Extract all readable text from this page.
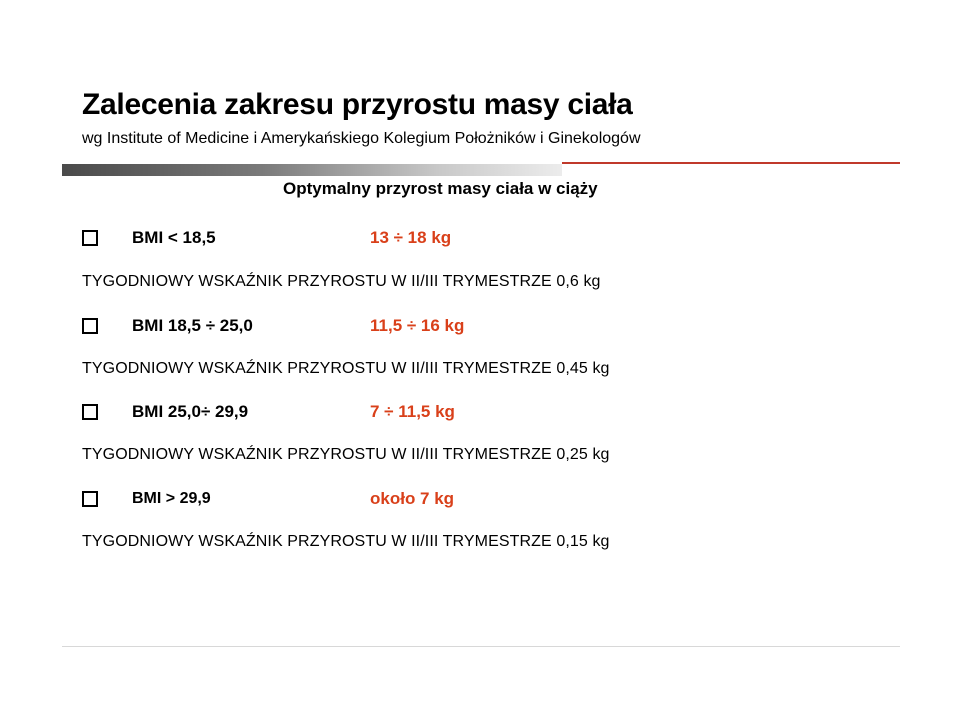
Zalecenia zakresu przyrostu masy ciała
wg Institute of Medicine i Amerykańskiego Kolegium Położników i Ginekologów
Optymalny przyrost masy ciała w ciąży
BMI < 18,5	13 ÷ 18 kg
TYGODNIOWY WSKAŹNIK PRZYROSTU W II/III TRYMESTRZE 0,6 kg
BMI 18,5 ÷ 25,0	11,5 ÷ 16 kg
TYGODNIOWY WSKAŹNIK PRZYROSTU W II/III TRYMESTRZE 0,45 kg
BMI 25,0÷ 29,9	7 ÷ 11,5 kg
TYGODNIOWY WSKAŹNIK PRZYROSTU W II/III TRYMESTRZE 0,25 kg
BMI > 29,9	około 7 kg
TYGODNIOWY WSKAŹNIK PRZYROSTU W II/III TRYMESTRZE 0,15 kg
